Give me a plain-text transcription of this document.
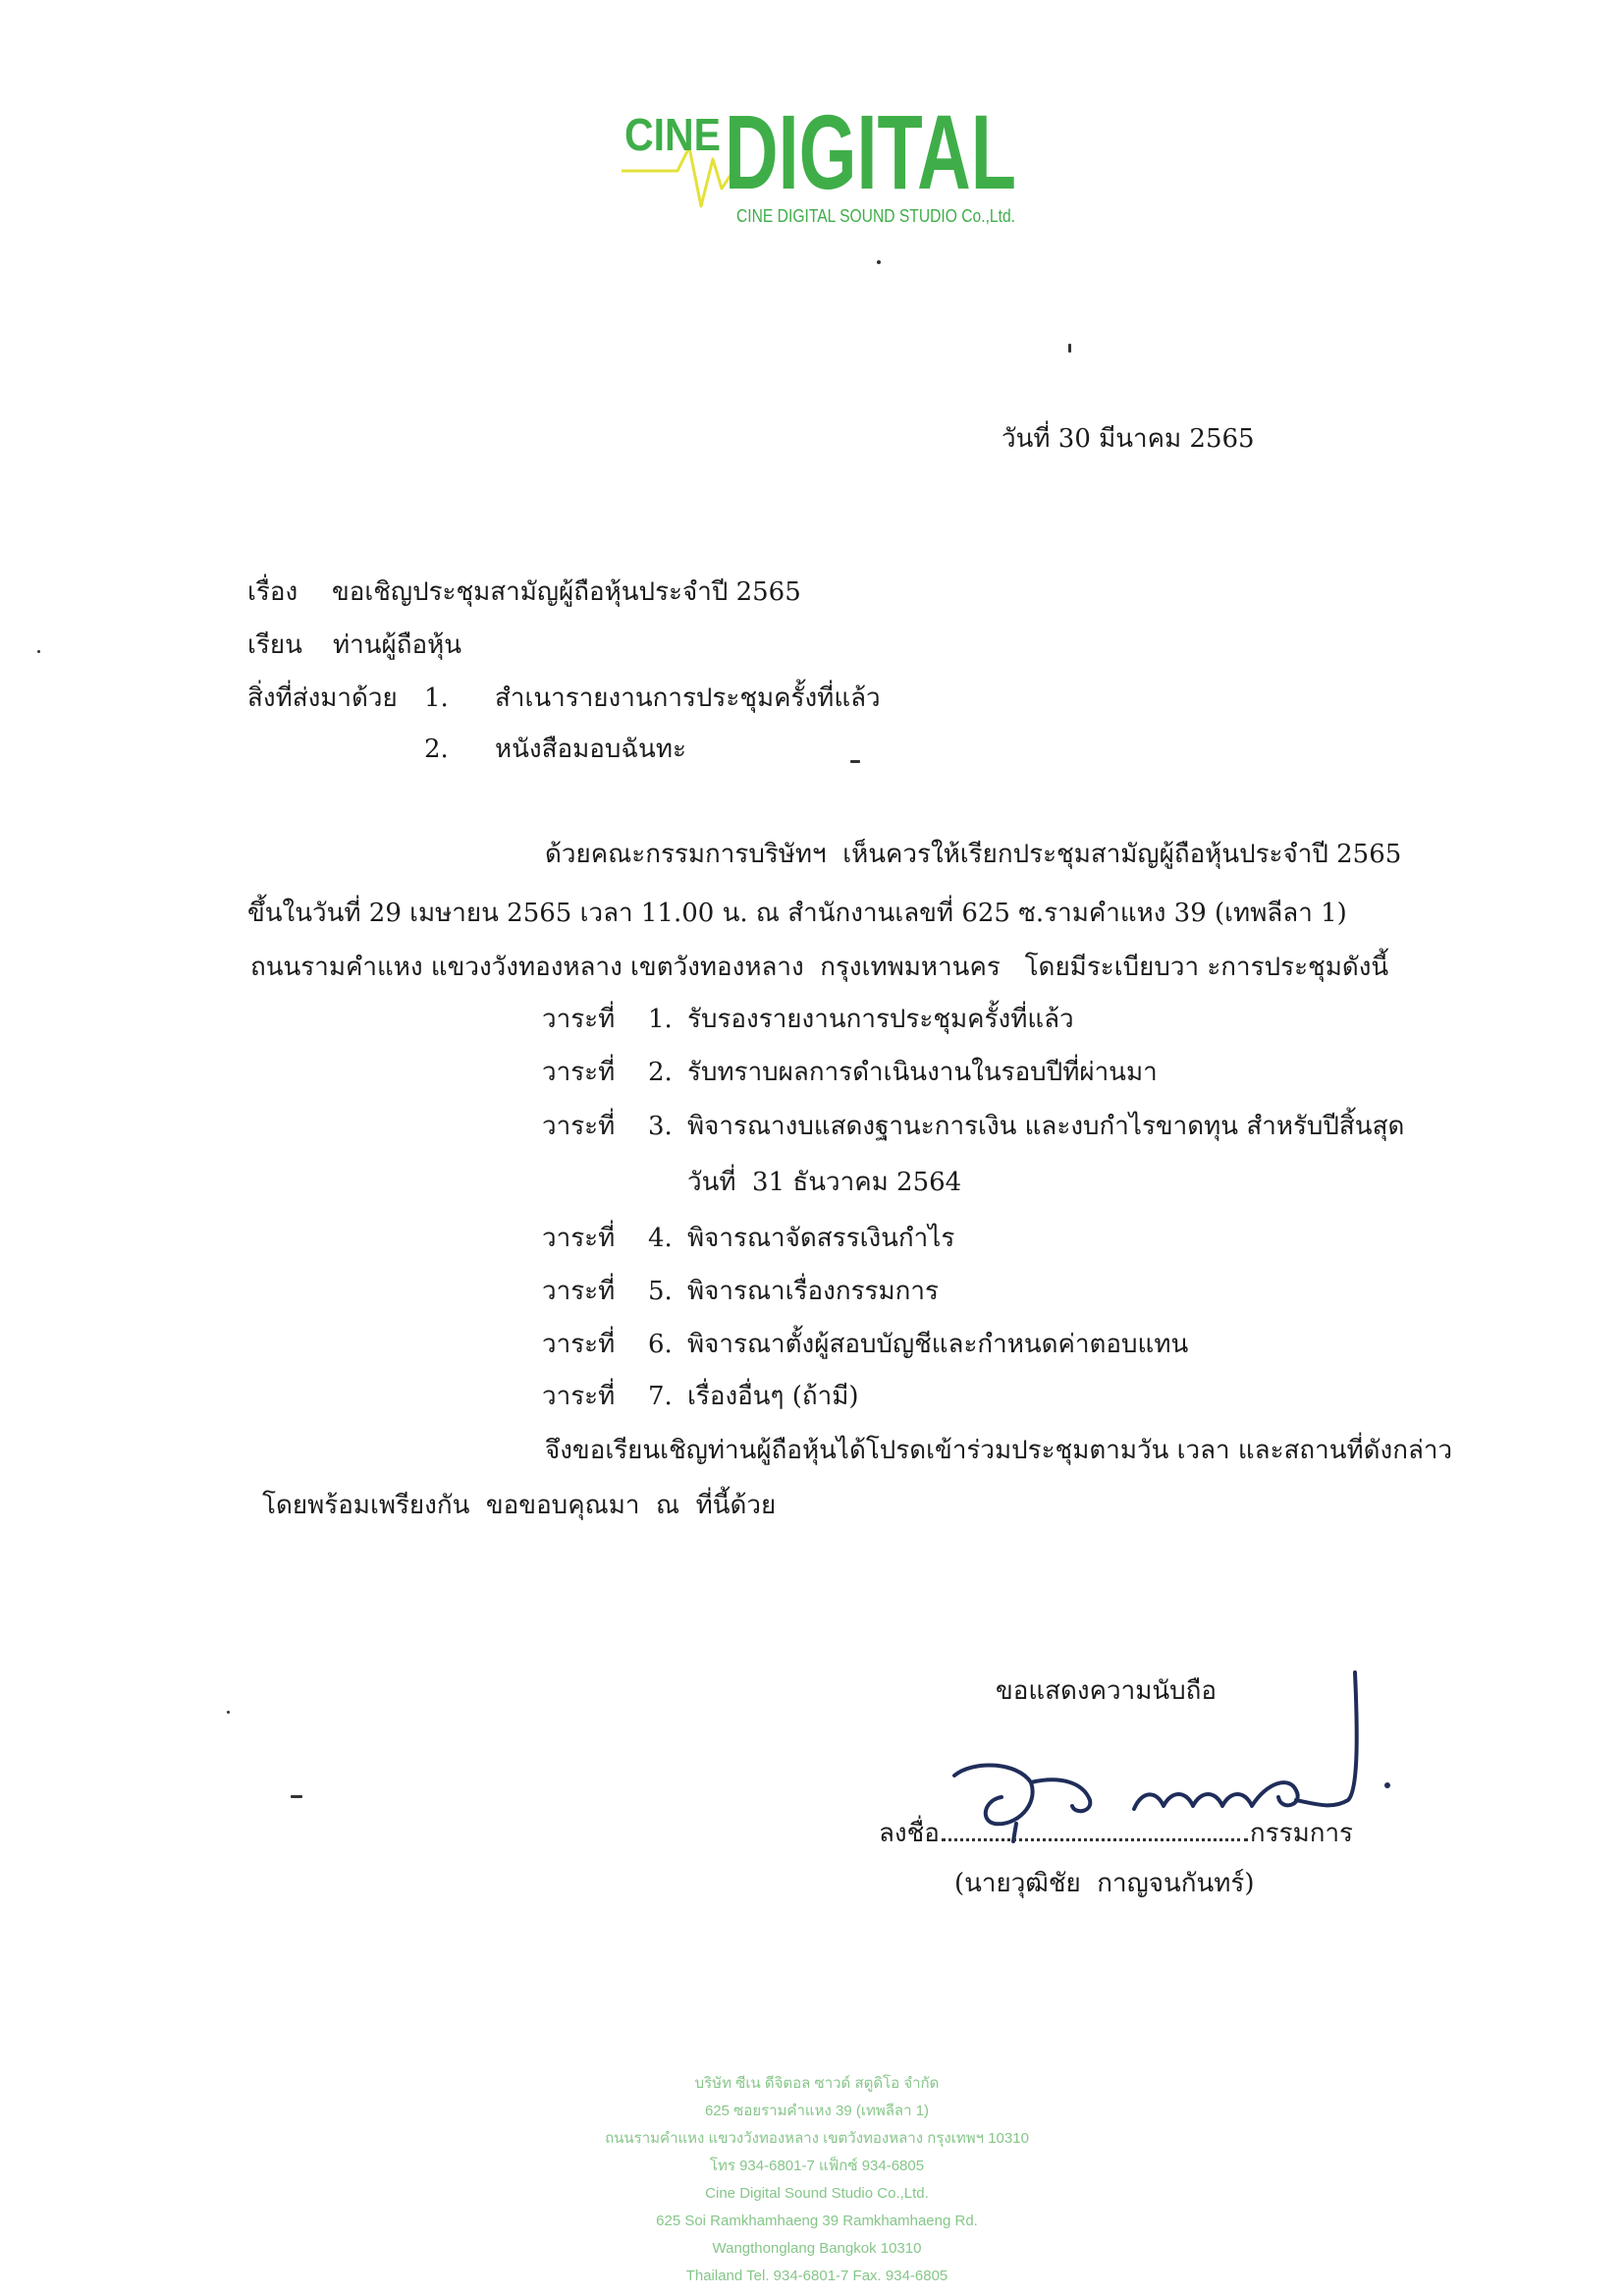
CINE DIGITAL
CINE DIGITAL SOUND STUDIO Co.,Ltd.
วันที่ 30 มีนาคม 2565
เรื่อง ขอเชิญประชุมสามัญผู้ถือหุ้นประจำปี 2565
เรียน ท่านผู้ถือหุ้น
สิ่งที่ส่งมาด้วย 1. สำเนารายงานการประชุมครั้งที่แล้ว
2. หนังสือมอบฉันทะ
ด้วยคณะกรรมการบริษัทฯ  เห็นควรให้เรียกประชุมสามัญผู้ถือหุ้นประจำปี 2565
ขึ้นในวันที่ 29 เมษายน 2565 เวลา 11.00 น. ณ สำนักงานเลขที่ 625 ซ.รามคำแหง 39 (เทพลีลา 1)
ถนนรามคำแหง แขวงวังทองหลาง เขตวังทองหลาง  กรุงเทพมหานคร   โดยมีระเบียบวา ะการประชุมดังนี้
วาระที่ 1. รับรองรายงานการประชุมครั้งที่แล้ว
วาระที่ 2. รับทราบผลการดำเนินงานในรอบปีที่ผ่านมา
วาระที่ 3. พิจารณางบแสดงฐานะการเงิน และงบกำไรขาดทุน สำหรับปีสิ้นสุด
วันที่  31 ธันวาคม 2564
วาระที่ 4. พิจารณาจัดสรรเงินกำไร
วาระที่ 5. พิจารณาเรื่องกรรมการ
วาระที่ 6. พิจารณาตั้งผู้สอบบัญชีและกำหนดค่าตอบแทน
วาระที่ 7. เรื่องอื่นๆ (ถ้ามี)
จึงขอเรียนเชิญท่านผู้ถือหุ้นได้โปรดเข้าร่วมประชุมตามวัน เวลา และสถานที่ดังกล่าว
โดยพร้อมเพรียงกัน  ขอขอบคุณมา  ณ  ที่นี้ด้วย
ขอแสดงความนับถือ
ลงชื่อ	กรรมการ
(นายวุฒิชัย  กาญจนกันทร์)
บริษัท ซีเน ดีจิตอล ซาวด์ สตูดิโอ จำกัด
625 ซอยรามคำแหง 39 (เทพลีลา 1)
ถนนรามคำแหง แขวงวังทองหลาง เขตวังทองหลาง กรุงเทพฯ 10310
โทร 934-6801-7 แฟ็กซ์ 934-6805
Cine Digital Sound Studio Co.,Ltd.
625 Soi Ramkhamhaeng 39 Ramkhamhaeng Rd.
Wangthonglang Bangkok 10310
Thailand Tel. 934-6801-7 Fax. 934-6805
